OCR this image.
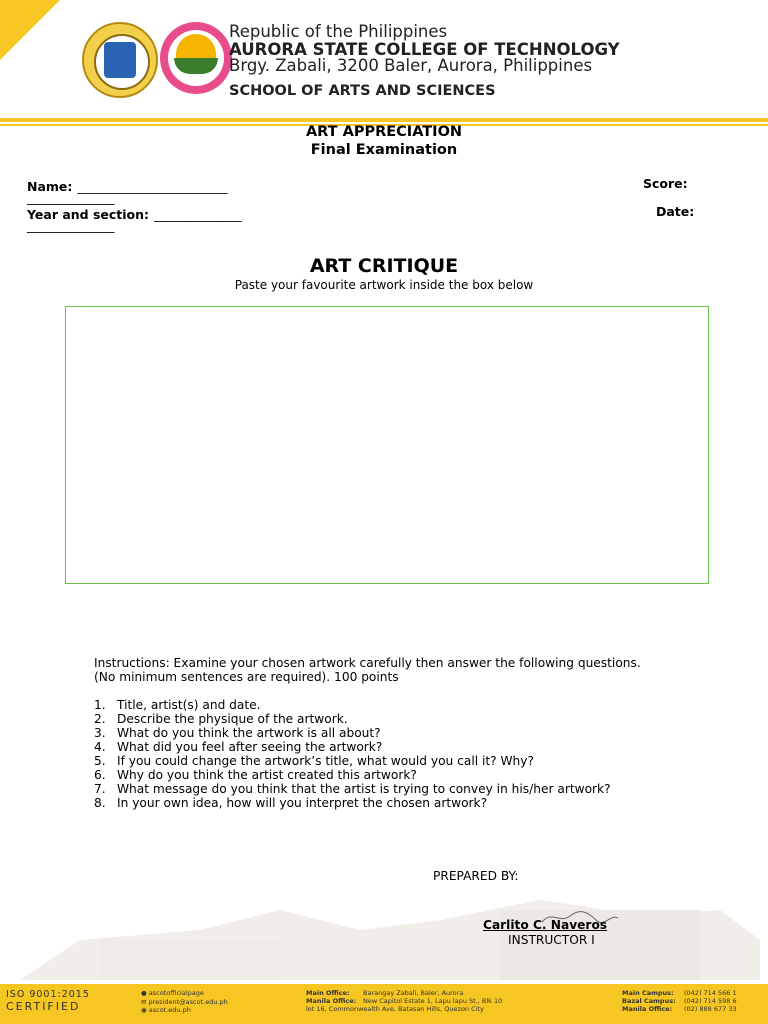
Republic of the Philippines
AURORA STATE COLLEGE OF TECHNOLOGY
Brgy. Zabali, 3200 Baler, Aurora, Philippines
SCHOOL OF ARTS AND SCIENCES
ART APPRECIATION
Final Examination
Name: ________________________
______________
Score:
Year and section: ______________
______________
Date:
ART CRITIQUE
Paste your favourite artwork inside the box below
Instructions: Examine your chosen artwork carefully then answer the following questions.
(No minimum sentences are required). 100 points
1. Title, artist(s) and date.
2. Describe the physique of the artwork.
3. What do you think the artwork is all about?
4. What did you feel after seeing the artwork?
5. If you could change the artwork’s title, what would you call it? Why?
6. Why do you think the artist created this artwork?
7. What message do you think that the artist is trying to convey in his/her artwork?
8. In your own idea, how will you interpret the chosen artwork?
PREPARED BY:
Carlito C. Naveros
INSTRUCTOR I
ISO 9001:2015
CERTIFIED
● ascotofficialpage
✉ president@ascot.edu.ph
◉ ascot.edu.ph
Main Office: Barangay Zabali, Baler, Aurora
Manila Office: New Capitol Estate 1, Lapu lapu St., Blk 10
lot 16, Commonwealth Ave, Batasan Hills, Quezon City
Main Campus: (042) 714 566 1
Bazal Campus: (042) 714 598 6
Manila Office: (02) 888 677 33
